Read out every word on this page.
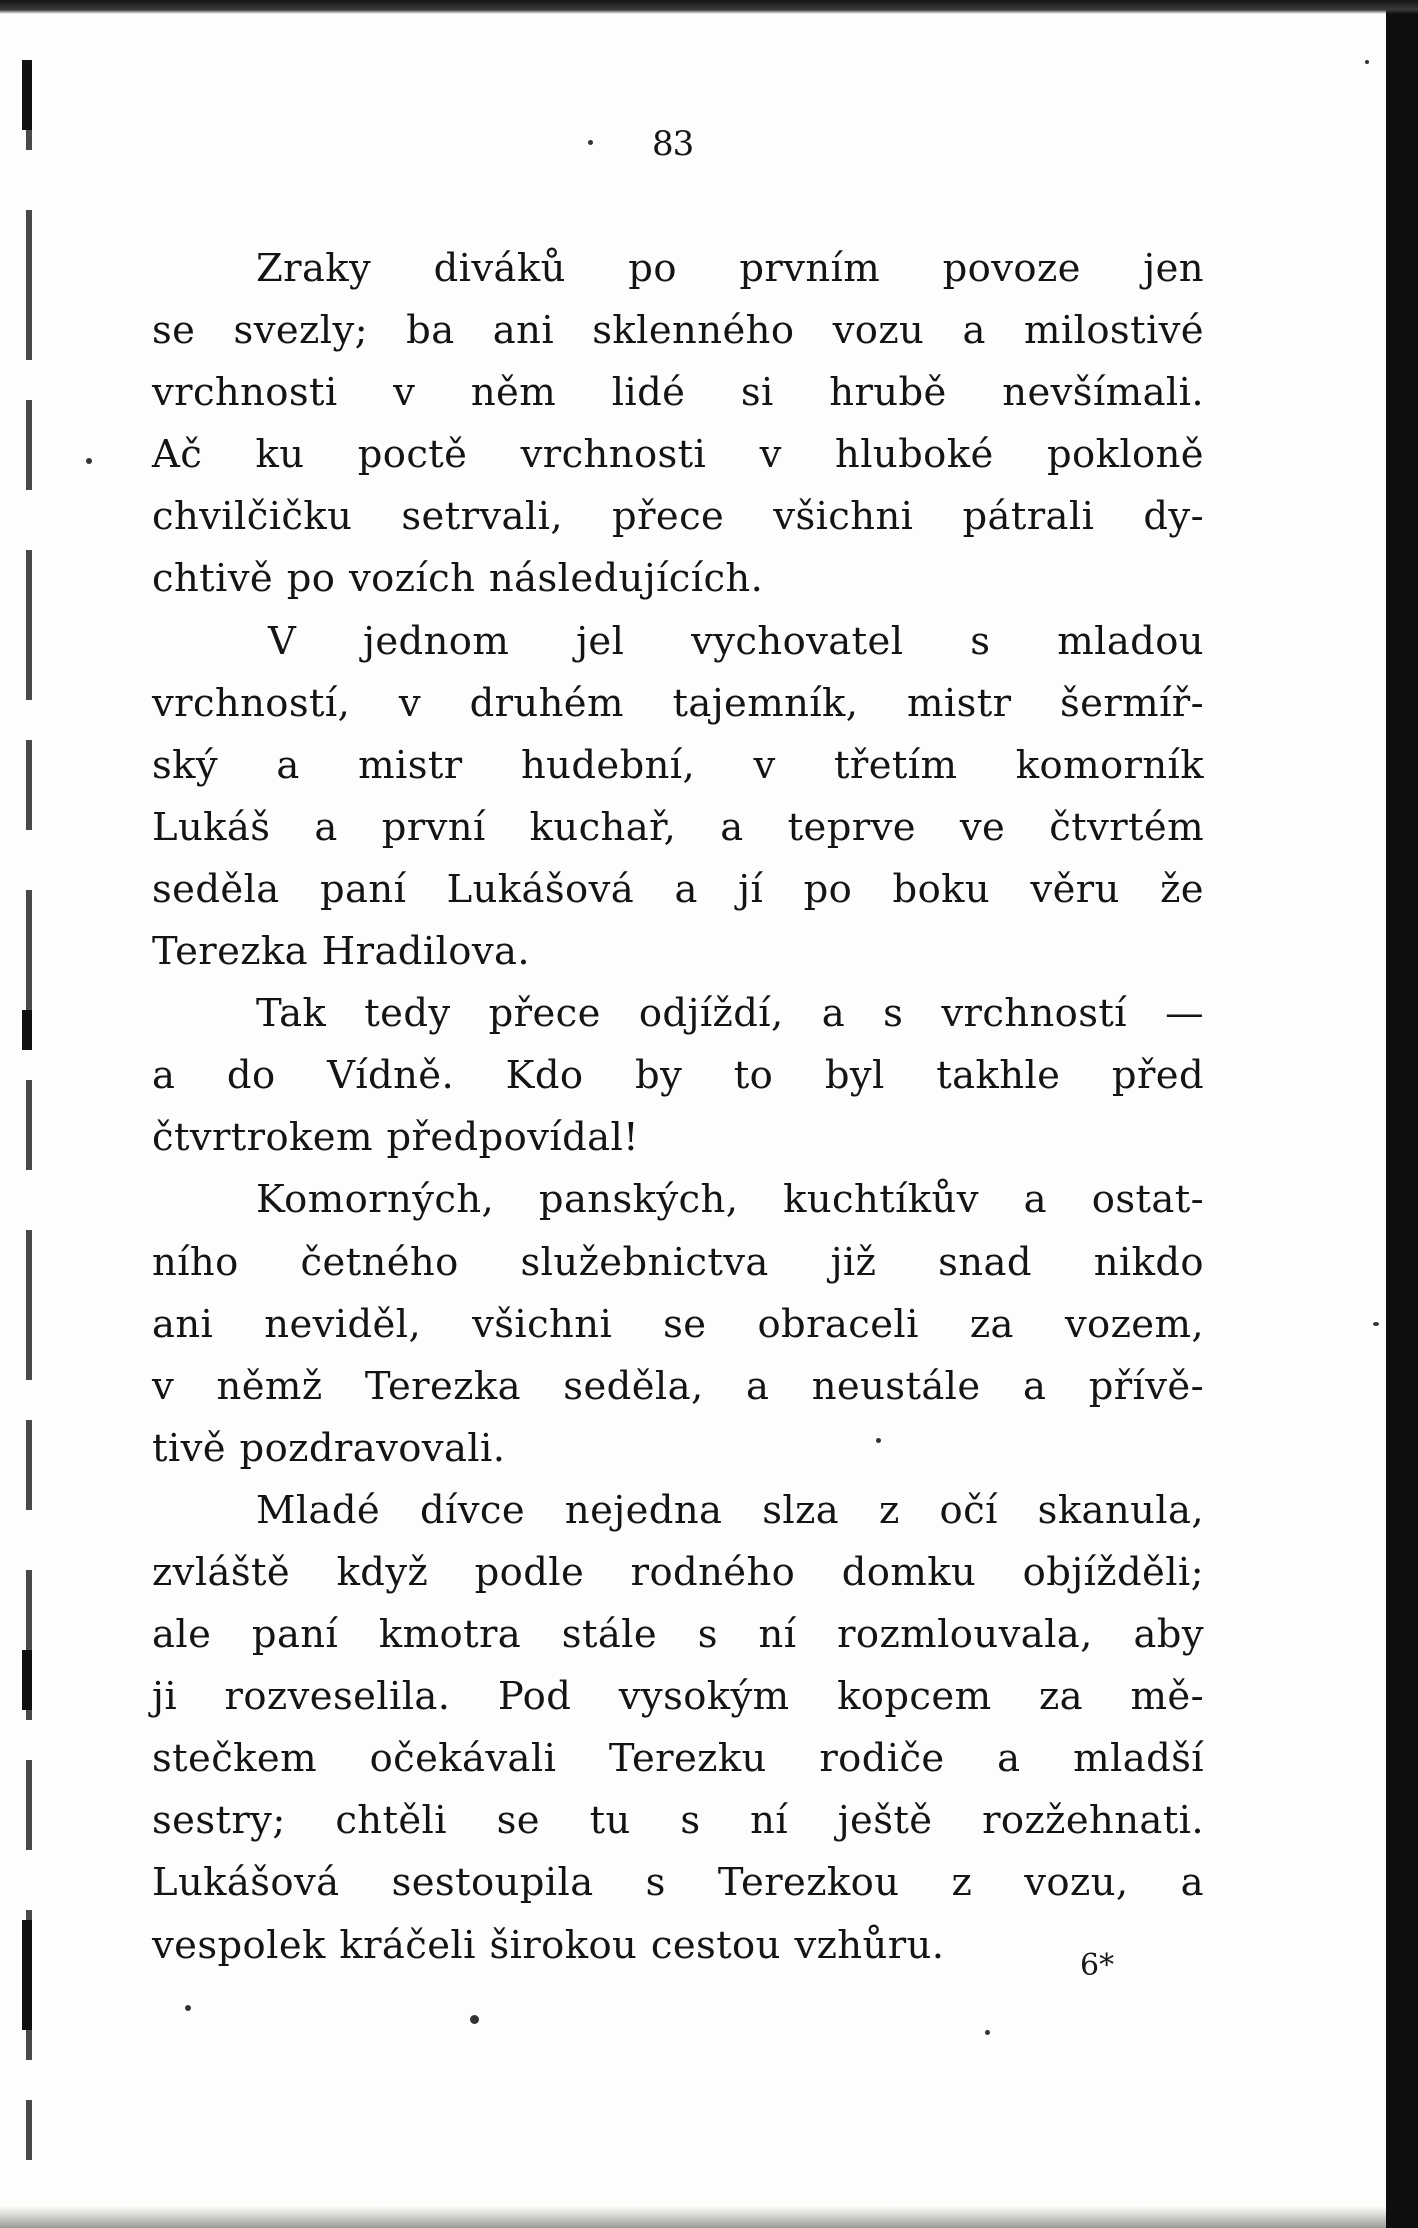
83
Zraky diváků po prvním povoze jen
se svezly; ba ani sklenného vozu a milostivé
vrchnosti v něm lidé si hrubě nevšímali.
Ač ku poctě vrchnosti v hluboké pokloně
chvilčičku setrvali, přece všichni pátrali dy-
chtivě po vozích následujících.
V jednom jel vychovatel s mladou
vrchností, v druhém tajemník, mistr šermíř-
ský a mistr hudební, v třetím komorník
Lukáš a první kuchař, a teprve ve čtvrtém
seděla paní Lukášová a jí po boku věru že
Terezka Hradilova.
Tak tedy přece odjíždí, a s vrchností —
a do Vídně. Kdo by to byl takhle před
čtvrtrokem předpovídal!
Komorných, panských, kuchtíkův a ostat-
ního četného služebnictva již snad nikdo
ani neviděl, všichni se obraceli za vozem,
v němž Terezka seděla, a neustále a přívě-
tivě pozdravovali.
Mladé dívce nejedna slza z očí skanula,
zvláště když podle rodného domku objížděli;
ale paní kmotra stále s ní rozmlouvala, aby
ji rozveselila. Pod vysokým kopcem za mě-
stečkem očekávali Terezku rodiče a mladší
sestry; chtěli se tu s ní ještě rozžehnati.
Lukášová sestoupila s Terezkou z vozu, a
vespolek kráčeli širokou cestou vzhůru.	6*
